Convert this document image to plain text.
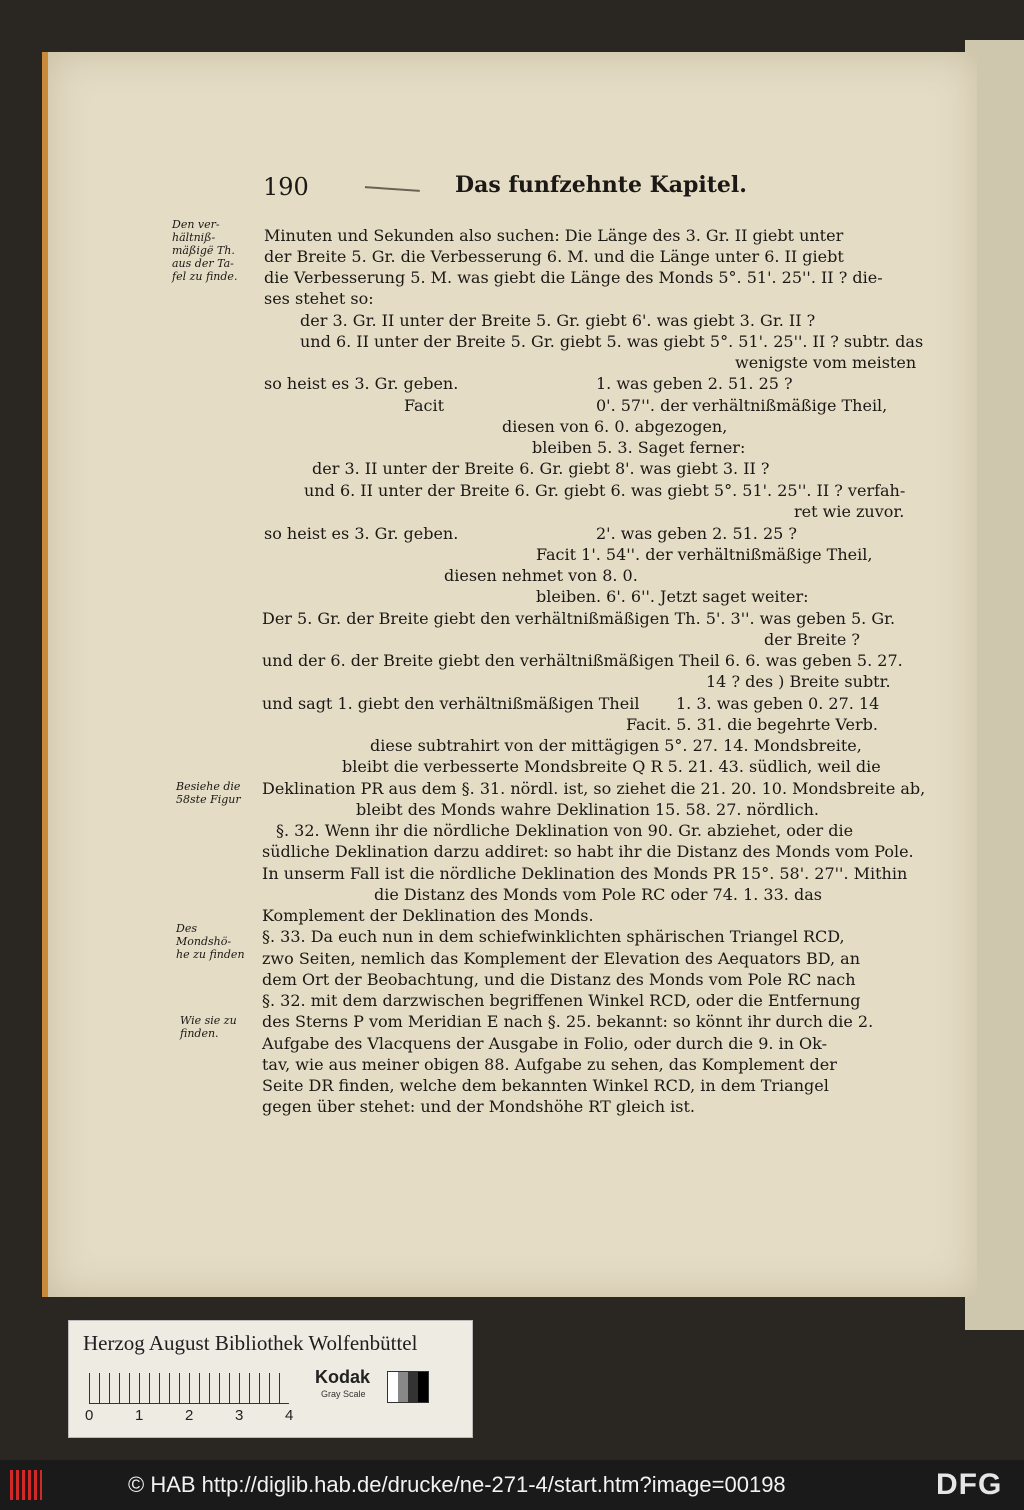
190	Das funfzehnte Kapitel.
Den ver-
hältniß-
mäßigë Th.
aus der Ta-
fel zu finde.
Besiehe die
58ste Figur
Des
Mondshö-
he zu finden
Wie sie zu
finden.
Minuten und Sekunden also suchen: Die Länge des 3. Gr. II giebt unter
der Breite 5. Gr. die Verbesserung 6. M. und die Länge unter 6. II giebt
die Verbesserung 5. M. was giebt die Länge des Monds 5°. 51'. 25''. II ? die-
ses stehet so:
der 3. Gr. II unter der Breite 5. Gr. giebt 6'. was giebt 3. Gr. II ?
und 6. II unter der Breite 5. Gr. giebt 5. was giebt 5°. 51'. 25''. II ? subtr. das
wenigste vom meisten
so heist es 3. Gr. geben.	1. was geben 2. 51. 25 ?
Facit	0'. 57''. der verhältnißmäßige Theil,
diesen von 6. 0. abgezogen,
bleiben 5. 3. Saget ferner:
der 3. II unter der Breite 6. Gr. giebt 8'. was giebt 3. II ?
und 6. II unter der Breite 6. Gr. giebt 6. was giebt 5°. 51'. 25''. II ? verfah-
ret wie zuvor.
so heist es 3. Gr. geben.	2'. was geben 2. 51. 25 ?
Facit 1'. 54''. der verhältnißmäßige Theil,
diesen nehmet von 8. 0.
bleiben. 6'. 6''. Jetzt saget weiter:
Der 5. Gr. der Breite giebt den verhältnißmäßigen Th. 5'. 3''. was geben 5. Gr.
der Breite ?
und der 6. der Breite giebt den verhältnißmäßigen Theil 6. 6. was geben 5. 27.
14 ? des ) Breite subtr.
und sagt 1. giebt den verhältnißmäßigen Theil 1. 3. was geben 0. 27. 14
Facit. 5. 31. die begehrte Verb.
diese subtrahirt von der mittägigen 5°. 27. 14. Mondsbreite,
bleibt die verbesserte Mondsbreite Q R 5. 21. 43. südlich, weil die
Deklination PR aus dem §. 31. nördl. ist, so ziehet die 21. 20. 10. Mondsbreite ab,
bleibt des Monds wahre Deklination 15. 58. 27. nördlich.
§. 32. Wenn ihr die nördliche Deklination von 90. Gr. abziehet, oder die
südliche Deklination darzu addiret: so habt ihr die Distanz des Monds vom Pole.
In unserm Fall ist die nördliche Deklination des Monds PR 15°. 58'. 27''. Mithin
die Distanz des Monds vom Pole RC oder 74. 1. 33. das
Komplement der Deklination des Monds.
§. 33. Da euch nun in dem schiefwinklichten sphärischen Triangel RCD,
zwo Seiten, nemlich das Komplement der Elevation des Aequators BD, an
dem Ort der Beobachtung, und die Distanz des Monds vom Pole RC nach
§. 32. mit dem darzwischen begriffenen Winkel RCD, oder die Entfernung
des Sterns P vom Meridian E nach §. 25. bekannt: so könnt ihr durch die 2.
Aufgabe des Vlacquens der Ausgabe in Folio, oder durch die 9. in Ok-
tav, wie aus meiner obigen 88. Aufgabe zu sehen, das Komplement der
Seite DR finden, welche dem bekannten Winkel RCD, in dem Triangel
gegen über stehet: und der Mondshöhe RT gleich ist.
Herzog August Bibliothek Wolfenbüttel
0	1	2	3	4
Kodak
Gray Scale
© HAB http://diglib.hab.de/drucke/ne-271-4/start.htm?image=00198	DFG
